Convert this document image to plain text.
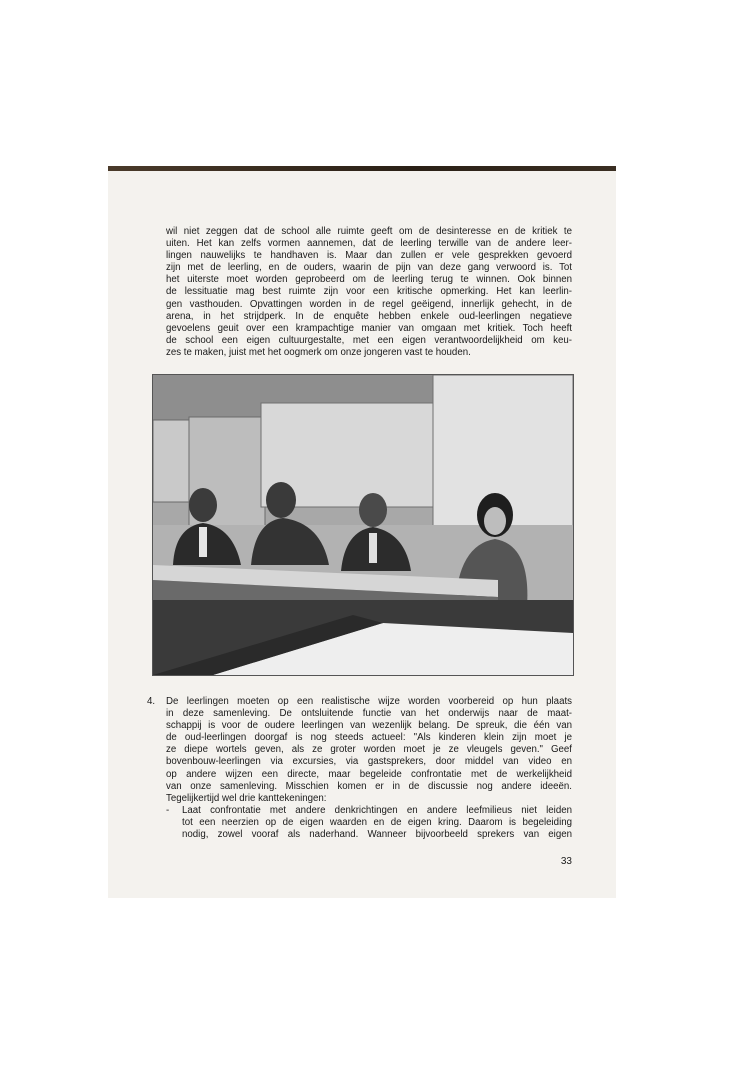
wil niet zeggen dat de school alle ruimte geeft om de desinteresse en de kritiek te
uiten. Het kan zelfs vormen aannemen, dat de leerling terwille van de andere leer-
lingen nauwelijks te handhaven is. Maar dan zullen er vele gesprekken gevoerd
zijn met de leerling, en de ouders, waarin de pijn van deze gang verwoord is. Tot
het uiterste moet worden geprobeerd om de leerling terug te winnen. Ook binnen
de lessituatie mag best ruimte zijn voor een kritische opmerking. Het kan leerlin-
gen vasthouden. Opvattingen worden in de regel geëigend, innerlijk gehecht, in de
arena, in het strijdperk. In de enquête hebben enkele oud-leerlingen negatieve
gevoelens geuit over een krampachtige manier van omgaan met kritiek. Toch heeft
de school een eigen cultuurgestalte, met een eigen verantwoordelijkheid om keu-
zes te maken, juist met het oogmerk om onze jongeren vast te houden.
4.	De leerlingen moeten op een realistische wijze worden voorbereid op hun plaats
in deze samenleving. De ontsluitende functie van het onderwijs naar de maat-
schappij is voor de oudere leerlingen van wezenlijk belang. De spreuk, die één van
de oud-leerlingen doorgaf is nog steeds actueel: "Als kinderen klein zijn moet je
ze diepe wortels geven, als ze groter worden moet je ze vleugels geven." Geef
bovenbouw-leerlingen via excursies, via gastsprekers, door middel van video en
op andere wijzen een directe, maar begeleide confrontatie met de werkelijkheid
van onze samenleving. Misschien komen er in de discussie nog andere ideeën.
Tegelijkertijd wel drie kanttekeningen:
-	Laat confrontatie met andere denkrichtingen en andere leefmilieus niet leiden
tot een neerzien op de eigen waarden en de eigen kring. Daarom is begeleiding
nodig, zowel vooraf als naderhand. Wanneer bijvoorbeeld sprekers van eigen
33
